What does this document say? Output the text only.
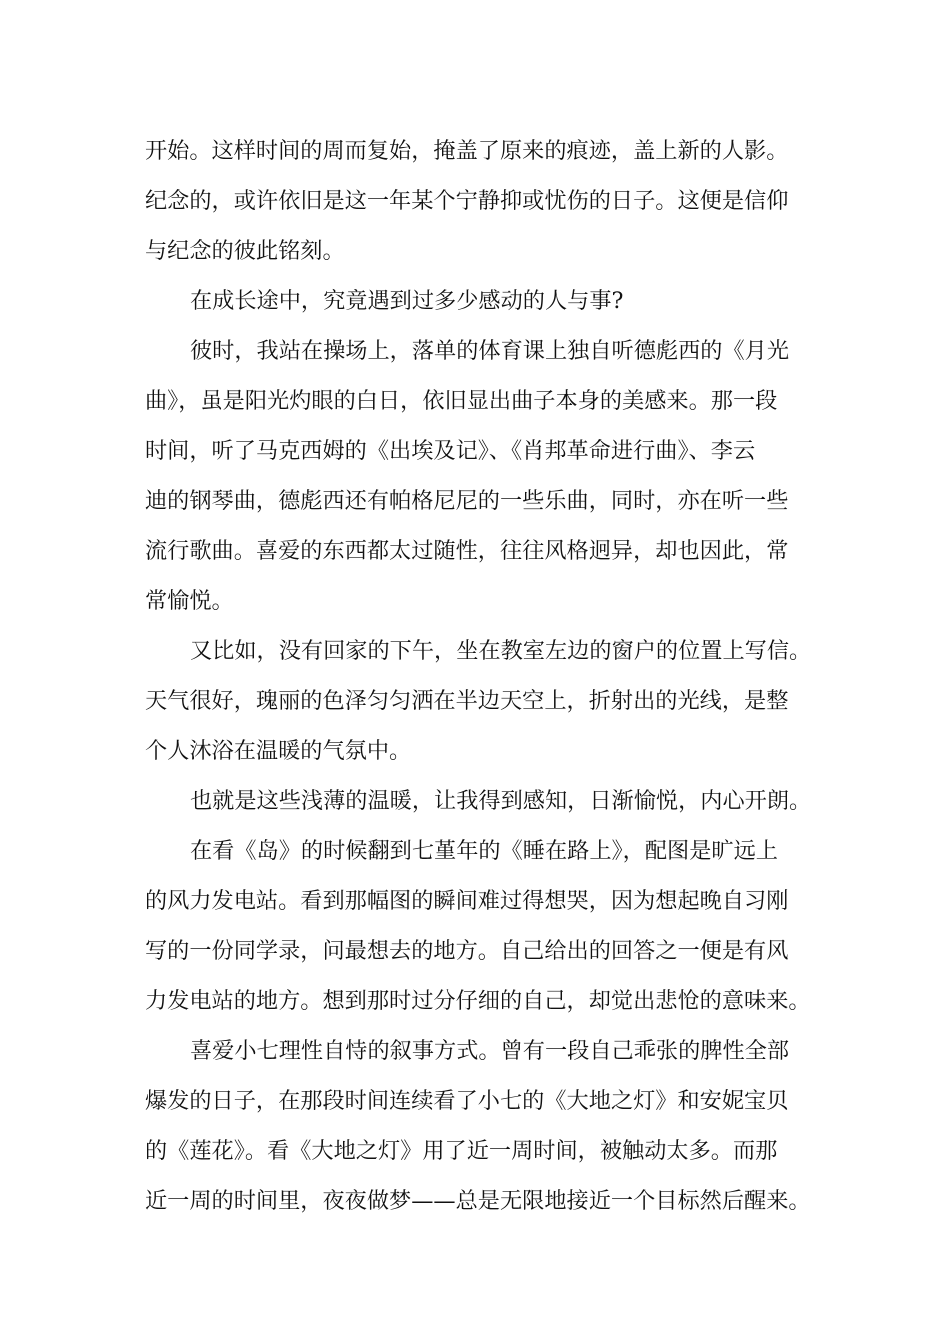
开始。这样时间的周而复始，掩盖了原来的痕迹，盖上新的人影。
纪念的，或许依旧是这一年某个宁静抑或忧伤的日子。这便是信仰
与纪念的彼此铭刻。
在成长途中，究竟遇到过多少感动的人与事?
彼时，我站在操场上，落单的体育课上独自听德彪西的《月光
曲》，虽是阳光灼眼的白日，依旧显出曲子本身的美感来。那一段
时间，听了马克西姆的《出埃及记》、《肖邦革命进行曲》、李云
迪的钢琴曲，德彪西还有帕格尼尼的一些乐曲，同时，亦在听一些
流行歌曲。喜爱的东西都太过随性，往往风格迥异，却也因此，常
常愉悦。
又比如，没有回家的下午，坐在教室左边的窗户的位置上写信。
天气很好，瑰丽的色泽匀匀洒在半边天空上，折射出的光线，是整
个人沐浴在温暖的气氛中。
也就是这些浅薄的温暖，让我得到感知，日渐愉悦，内心开朗。
在看《岛》的时候翻到七堇年的《睡在路上》，配图是旷远上
的风力发电站。看到那幅图的瞬间难过得想哭，因为想起晚自习刚
写的一份同学录，问最想去的地方。自己给出的回答之一便是有风
力发电站的地方。想到那时过分仔细的自己，却觉出悲怆的意味来。
喜爱小七理性自恃的叙事方式。曾有一段自己乖张的脾性全部
爆发的日子，在那段时间连续看了小七的《大地之灯》和安妮宝贝
的《莲花》。看《大地之灯》用了近一周时间，被触动太多。而那
近一周的时间里，夜夜做梦——总是无限地接近一个目标然后醒来。
